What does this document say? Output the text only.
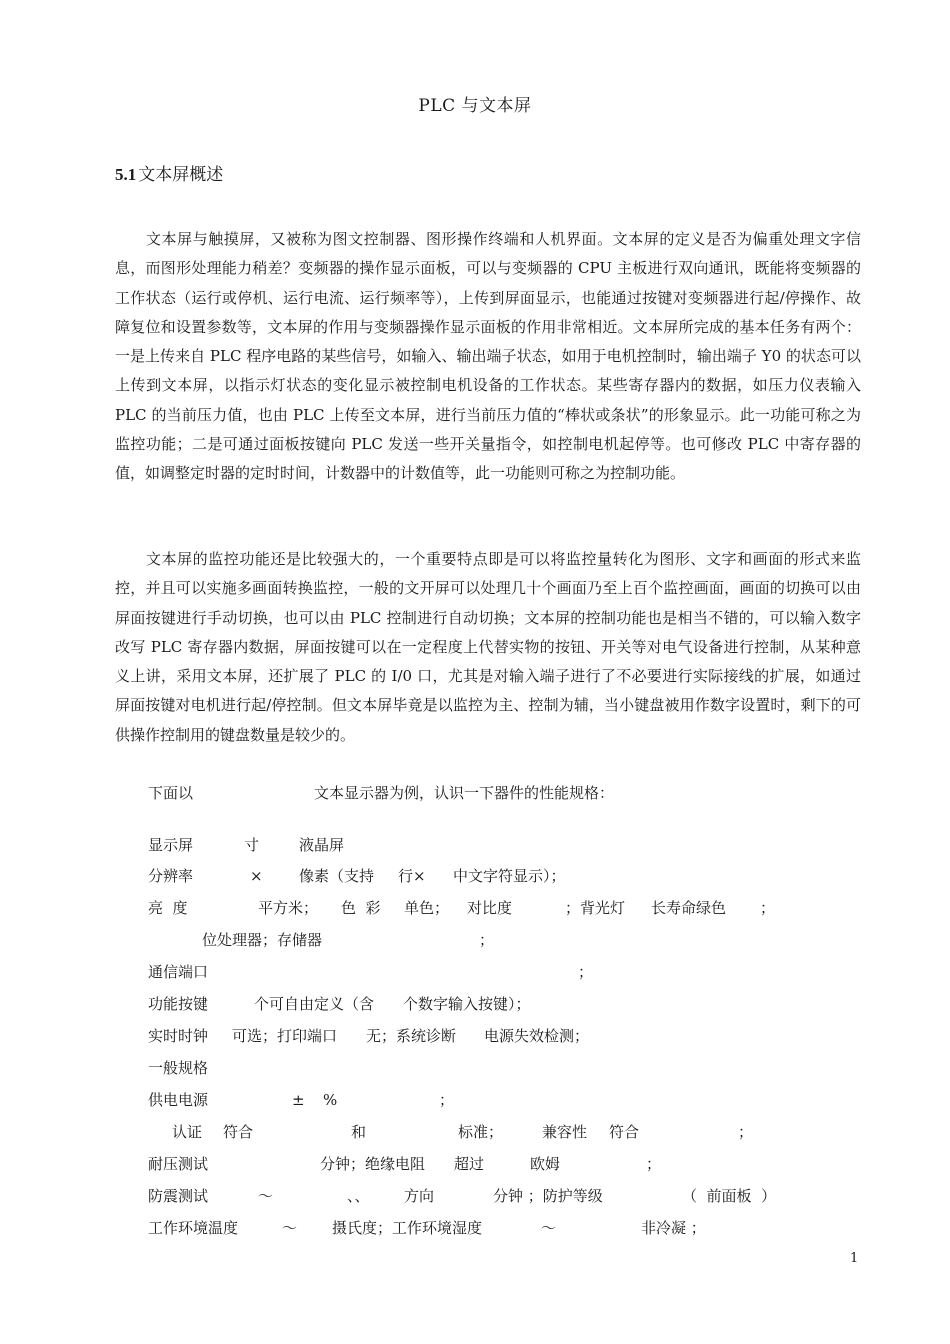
PLC 与文本屏
5.1 文本屏概述

文本屏与触摸屏，又被称为图文控制器、图形操作终端和人机界面。文本屏的定义是否为偏重处理文字信息，而图形处理能力稍差？变频器的操作显示面板，可以与变频器的 CPU 主板进行双向通讯，既能将变频器的工作状态（运行或停机、运行电流、运行频率等），上传到屏面显示，也能通过按键对变频器进行起/停操作、故障复位和设置参数等，文本屏的作用与变频器操作显示面板的作用非常相近。文本屏所完成的基本任务有两个：一是上传来自 PLC 程序电路的某些信号，如输入、输出端子状态，如用于电机控制时，输出端子 Y0 的状态可以上传到文本屏，以指示灯状态的变化显示被控制电机设备的工作状态。某些寄存器内的数据，如压力仪表输入 PLC 的当前压力值，也由 PLC 上传至文本屏，进行当前压力值的“棒状或条状”的形象显示。此一功能可称之为监控功能；二是可通过面板按键向 PLC 发送一些开关量指令，如控制电机起停等。也可修改 PLC 中寄存器的值，如调整定时器的定时时间，计数器中的计数值等，此一功能则可称之为控制功能。

文本屏的监控功能还是比较强大的，一个重要特点即是可以将监控量转化为图形、文字和画面的形式来监控，并且可以实施多画面转换监控，一般的文开屏可以处理几十个画面乃至上百个监控画面，画面的切换可以由屏面按键进行手动切换，也可以由 PLC 控制进行自动切换；文本屏的控制功能也是相当不错的，可以输入数字改写 PLC 寄存器内数据，屏面按键可以在一定程度上代替实物的按钮、开关等对电气设备进行控制，从某种意义上讲，采用文本屏，还扩展了 PLC 的 I/0 口，尤其是对输入端子进行了不必要进行实际接线的扩展，如通过屏面按键对电机进行起/停控制。但文本屏毕竟是以监控为主、控制为辅，当小键盘被用作数字设置时，剩下的可供操作控制用的键盘数量是较少的。

下面以	文本显示器为例，认识一下器件的性能规格：
显示屏	寸	液晶屏
分辨率	× 像素（支持 行× 中文字符显示）；
亮  度	平方米； 色  彩 单色； 对比度	；背光灯 长寿命绿色 ；
位处理器；存储器	；
通信端口	；
功能按键	个可自由定义（含 个数字输入按键）；
实时时钟 可选；打印端口 无；系统诊断 电源失效检测；
一般规格
供电电源	± %	；
认证 符合	和	标准；	兼容性 符合	；
耐压测试	分钟；绝缘电阻 超过	欧姆	；
防震测试	～	、、 方向	分钟 ；防护等级	（  前面板  ）
工作环境温度	～ 摄氏度；工作环境湿度	～	非冷凝 ；
1
